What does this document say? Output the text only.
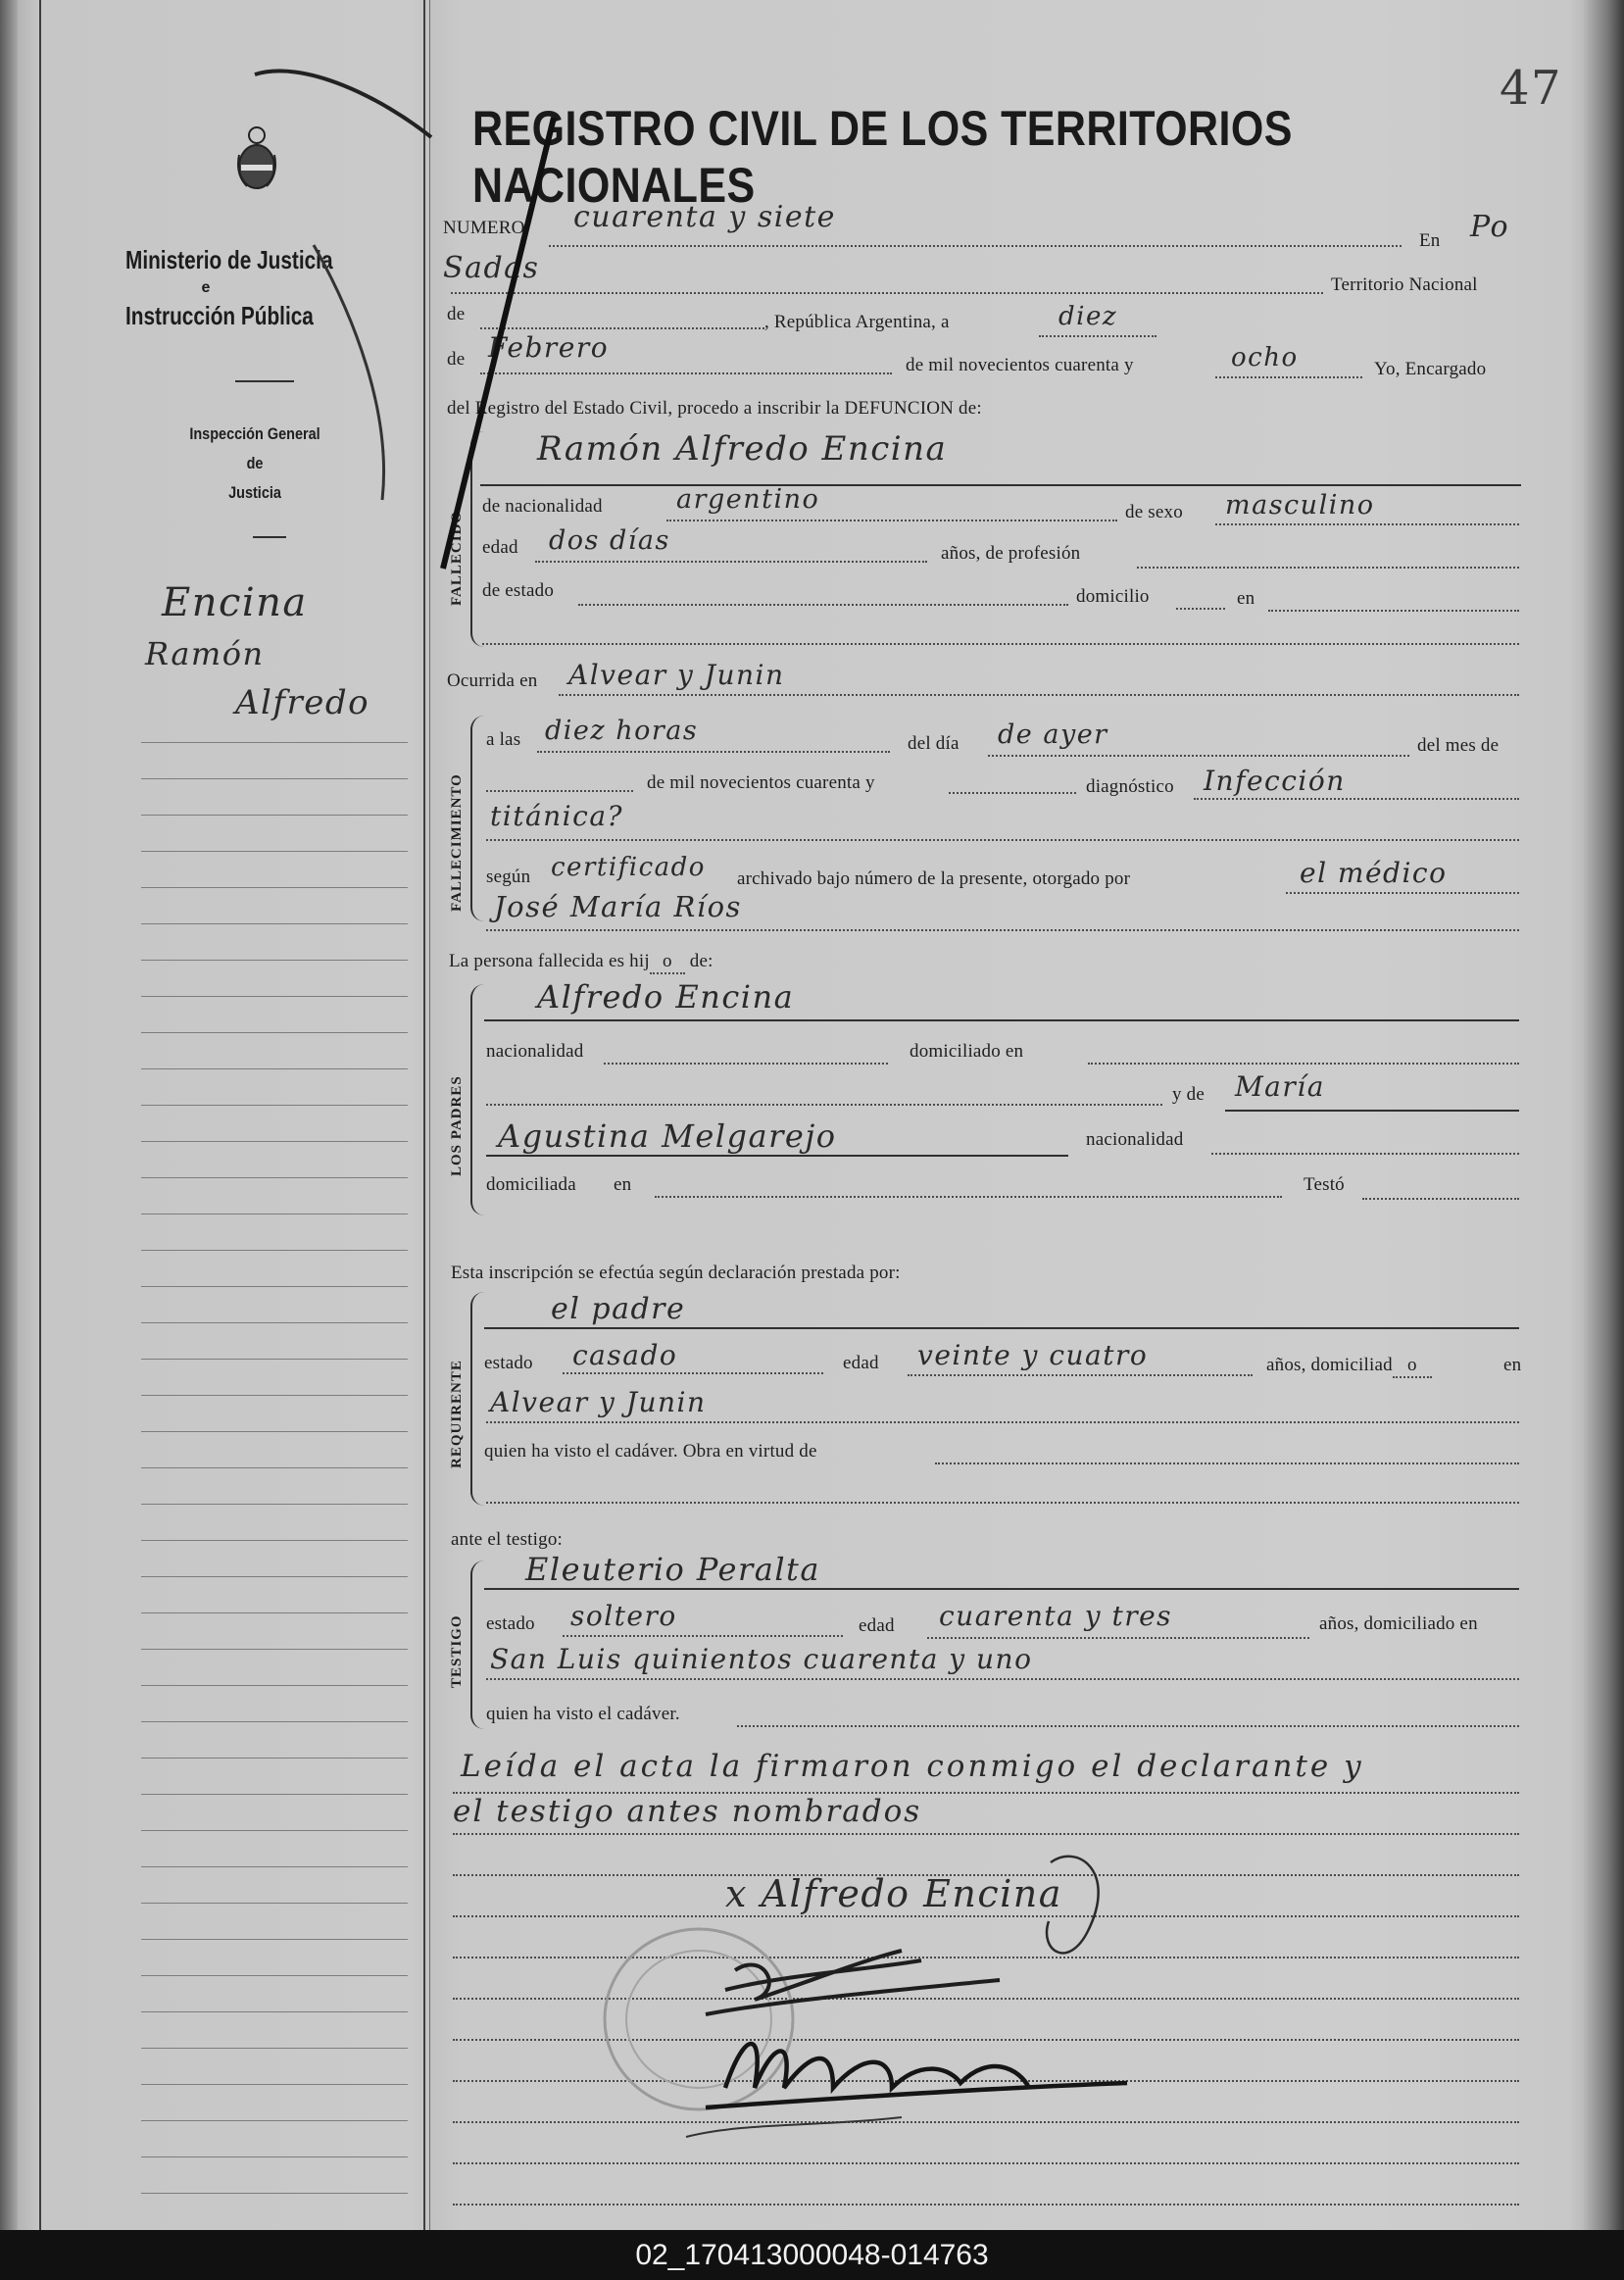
Ministerio de Justicia
e
Instrucción Pública
Inspección General
de
Justicia
Encina
Ramón
Alfredo
47
REGISTRO CIVIL DE LOS TERRITORIOS NACIONALES
NUMERO cuarenta y siete
En Po
Sadas	Territorio Nacional
de	, República Argentina, a	diez
de Febrero
de mil novecientos cuarenta y	ocho	Yo, Encargado
del Registro del Estado Civil, procedo a inscribir la DEFUNCION de:
FALLECIDO
Ramón Alfredo Encina
de nacionalidad	argentino	de sexo masculino
edad dos días	años, de profesión
de estado	domicilio	en
Ocurrida en Alvear y Junin
FALLECIMIENTO
a las diez horas	del día de ayer	del mes de
de mil novecientos cuarenta y	diagnóstico Infección
titánica?
según certificado archivado bajo número de la presente, otorgado por	el médico
José María Ríos
La persona fallecida es hij o de:
LOS PADRES
Alfredo Encina
nacionalidad	domiciliado en
y de María
Agustina Melgarejo	nacionalidad
domiciliada en	Testó
Esta inscripción se efectúa según declaración prestada por:
REQUIRENTE
el padre
estado casado	edad veinte y cuatro	años, domiciliad o	en
Alvear y Junin
quien ha visto el cadáver. Obra en virtud de
ante el testigo:
TESTIGO
Eleuterio Peralta
estado soltero	edad cuarenta y tres	años, domiciliado en
San Luis quinientos cuarenta y uno
quien ha visto el cadáver.
Leída el acta la firmaron conmigo el declarante y
el testigo antes nombrados
x Alfredo Encina
02_170413000048-014763
